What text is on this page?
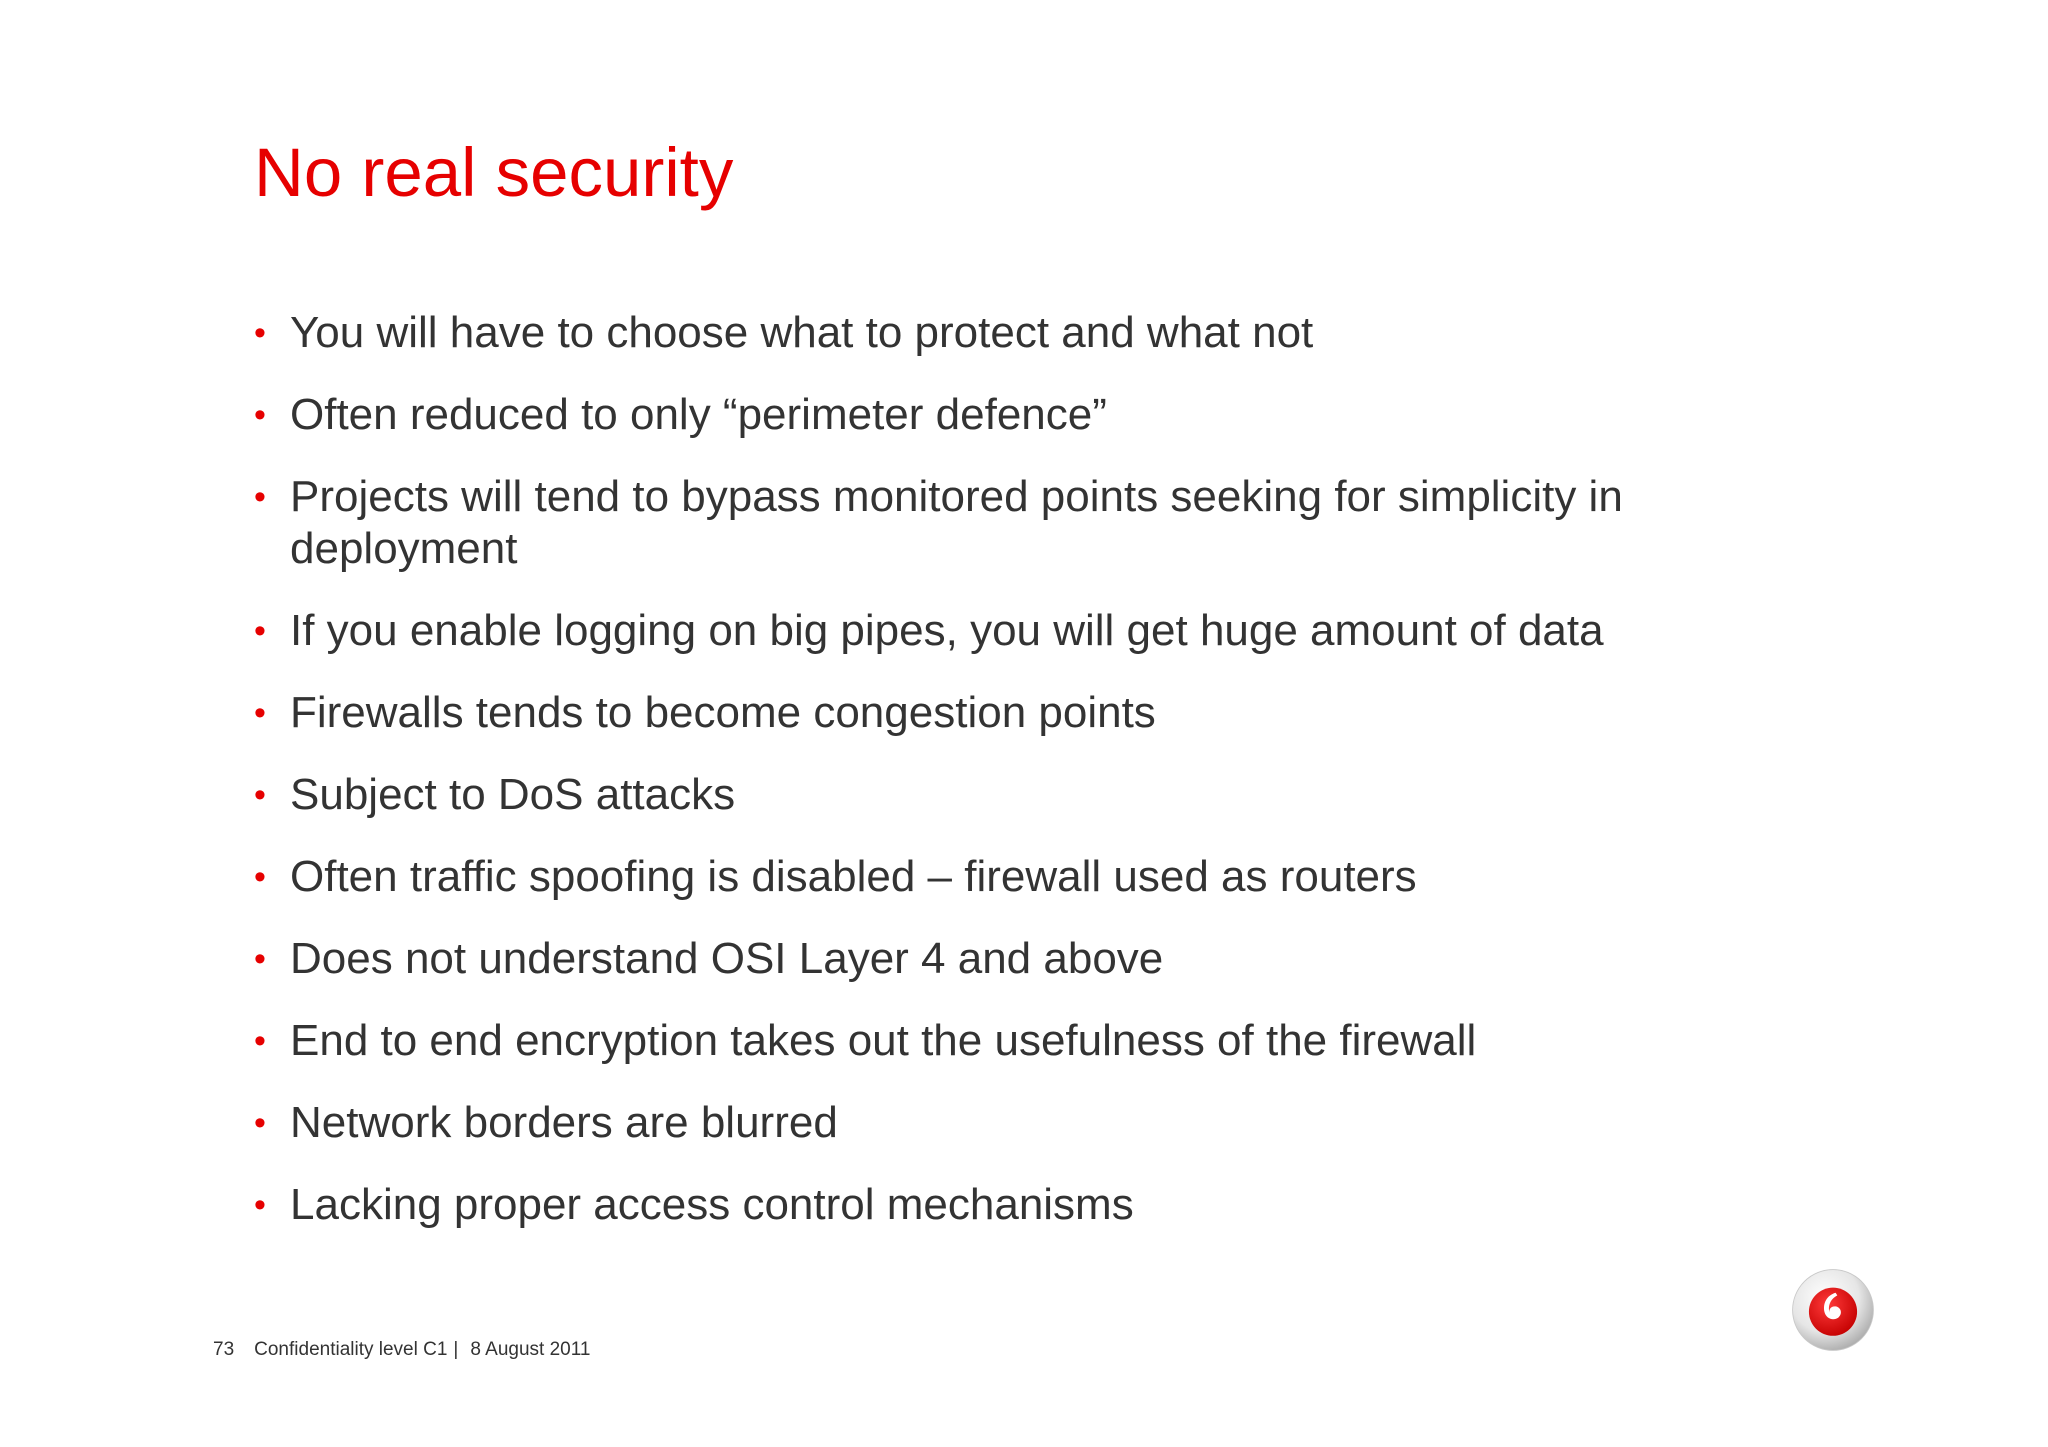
No real security
• You will have to choose what to protect and what not
• Often reduced to only “perimeter defence”
• Projects will tend to bypass monitored points seeking for simplicity in deployment
• If you enable logging on big pipes, you will get huge amount of data
• Firewalls tends to become congestion points
• Subject to DoS attacks
• Often traffic spoofing is disabled – firewall used as routers
• Does not understand OSI Layer 4 and above
• End to end encryption takes out the usefulness of the firewall
• Network borders are blurred
• Lacking proper access control mechanisms
73 Confidentiality level C1 | 8 August 2011
